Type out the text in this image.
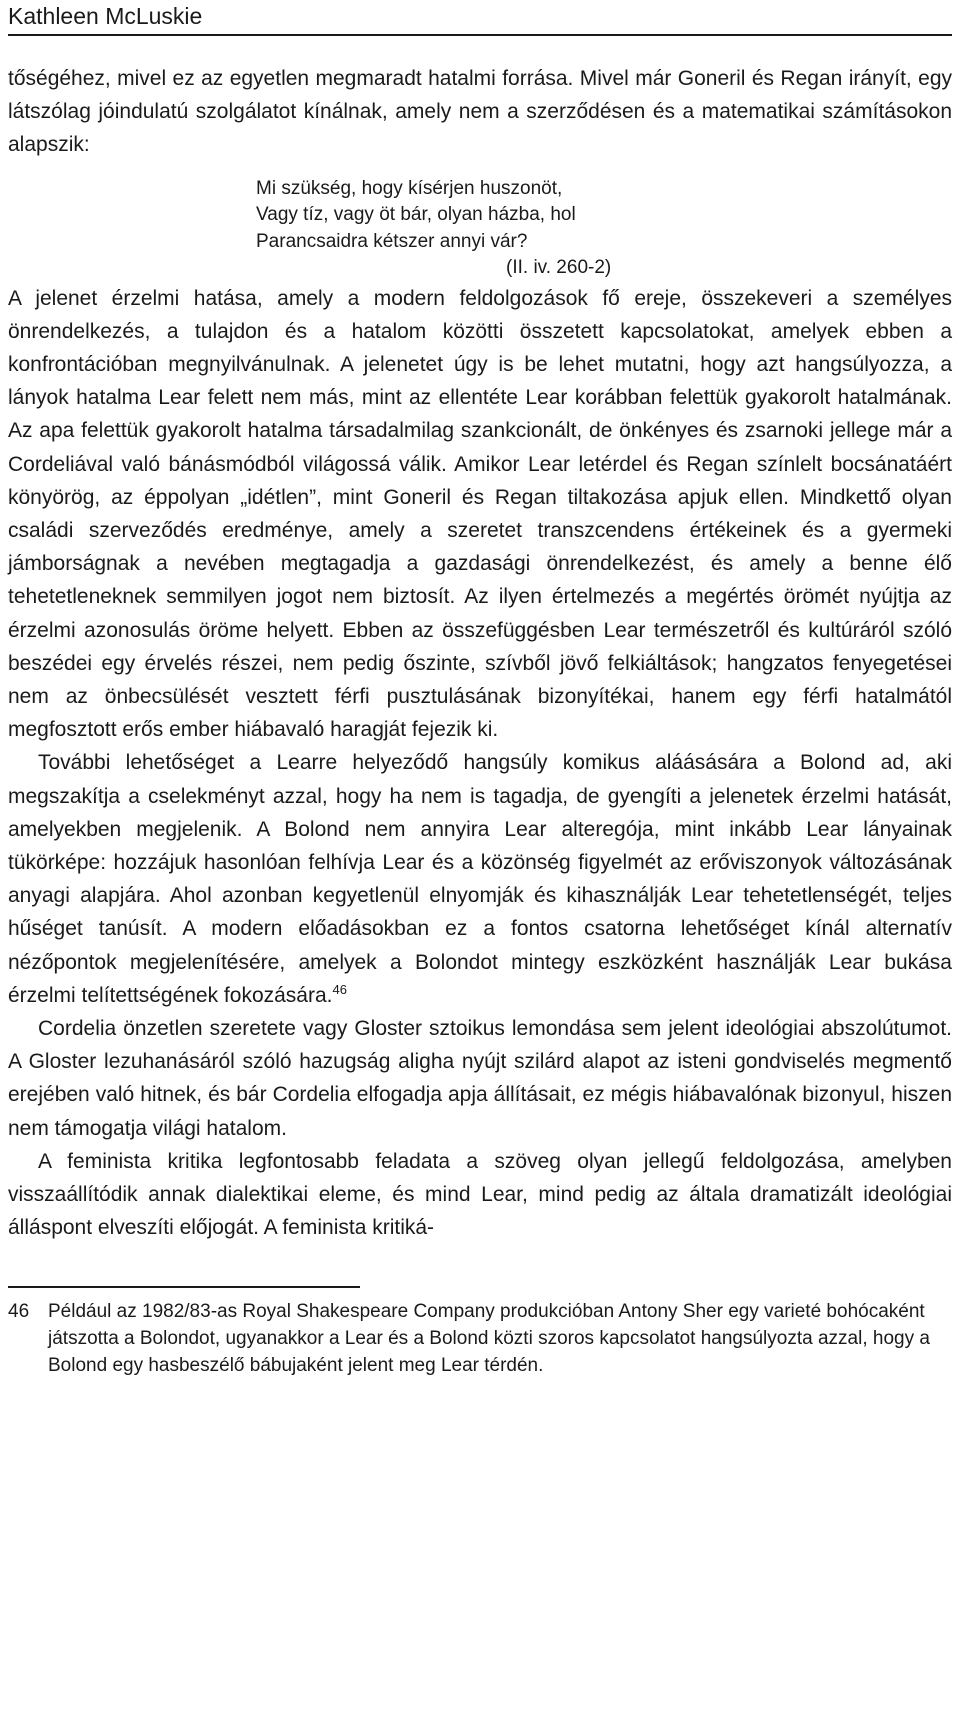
Kathleen McLuskie

tőségéhez, mivel ez az egyetlen megmaradt hatalmi forrása. Mivel már Goneril és Regan irányít, egy látszólag jóindulatú szolgálatot kínálnak, amely nem a szerződésen és a matematikai számításokon alapszik:

Mi szükség, hogy kísérjen huszonöt,
Vagy tíz, vagy öt bár, olyan házba, hol
Parancsaidra kétszer annyi vár?
(II. iv. 260-2)

A jelenet érzelmi hatása, amely a modern feldolgozások fő ereje, összekeveri a személyes önrendelkezés, a tulajdon és a hatalom közötti összetett kapcsolatokat, amelyek ebben a konfrontációban megnyilvánulnak. A jelenetet úgy is be lehet mutatni, hogy azt hangsúlyozza, a lányok hatalma Lear felett nem más, mint az ellentéte Lear korábban felettük gyakorolt hatalmának. Az apa felettük gyakorolt hatalma társadalmilag szankcionált, de önkényes és zsarnoki jellege már a Cordeliával való bánásmódból világossá válik. Amikor Lear letérdel és Regan színlelt bocsánatáért könyörög, az éppolyan „idétlen”, mint Goneril és Regan tiltakozása apjuk ellen. Mindkettő olyan családi szerveződés eredménye, amely a szeretet transzcendens értékeinek és a gyermeki jámborságnak a nevében megtagadja a gazdasági önrendelkezést, és amely a benne élő tehetetleneknek semmilyen jogot nem biztosít. Az ilyen értelmezés a megértés örömét nyújtja az érzelmi azonosulás öröme helyett. Ebben az összefüggésben Lear természetről és kultúráról szóló beszédei egy érvelés részei, nem pedig őszinte, szívből jövő felkiáltások; hangzatos fenyegetései nem az önbecsülését vesztett férfi pusztulásának bizonyítékai, hanem egy férfi hatalmától megfosztott erős ember hiábavaló haragját fejezik ki.

További lehetőséget a Learre helyeződő hangsúly komikus aláásására a Bolond ad, aki megszakítja a cselekményt azzal, hogy ha nem is tagadja, de gyengíti a jelenetek érzelmi hatását, amelyekben megjelenik. A Bolond nem annyira Lear alteregója, mint inkább Lear lányainak tükörképe: hozzájuk hasonlóan felhívja Lear és a közönség figyelmét az erőviszonyok változásának anyagi alapjára. Ahol azonban kegyetlenül elnyomják és kihasználják Lear tehetetlenségét, teljes hűséget tanúsít. A modern előadásokban ez a fontos csatorna lehetőséget kínál alternatív nézőpontok megjelenítésére, amelyek a Bolondot mintegy eszközként használják Lear bukása érzelmi telítettségének fokozására.$^{46}$

Cordelia önzetlen szeretete vagy Gloster sztoikus lemondása sem jelent ideológiai abszolútumot. A Gloster lezuhanásáról szóló hazugság aligha nyújt szilárd alapot az isteni gondviselés megmentő erejében való hitnek, és bár Cordelia elfogadja apja állításait, ez mégis hiábavalónak bizonyul, hiszen nem támogatja világi hatalom.

A feminista kritika legfontosabb feladata a szöveg olyan jellegű feldolgozása, amelyben visszaállítódik annak dialektikai eleme, és mind Lear, mind pedig az általa dramatizált ideológiai álláspont elveszíti előjogát. A feminista kritiká-

46 Például az 1982/83-as Royal Shakespeare Company produkcióban Antony Sher egy varieté bohócaként játszotta a Bolondot, ugyanakkor a Lear és a Bolond közti szoros kapcsolatot hangsúlyozta azzal, hogy a Bolond egy hasbeszélő bábujaként jelent meg Lear térdén.
